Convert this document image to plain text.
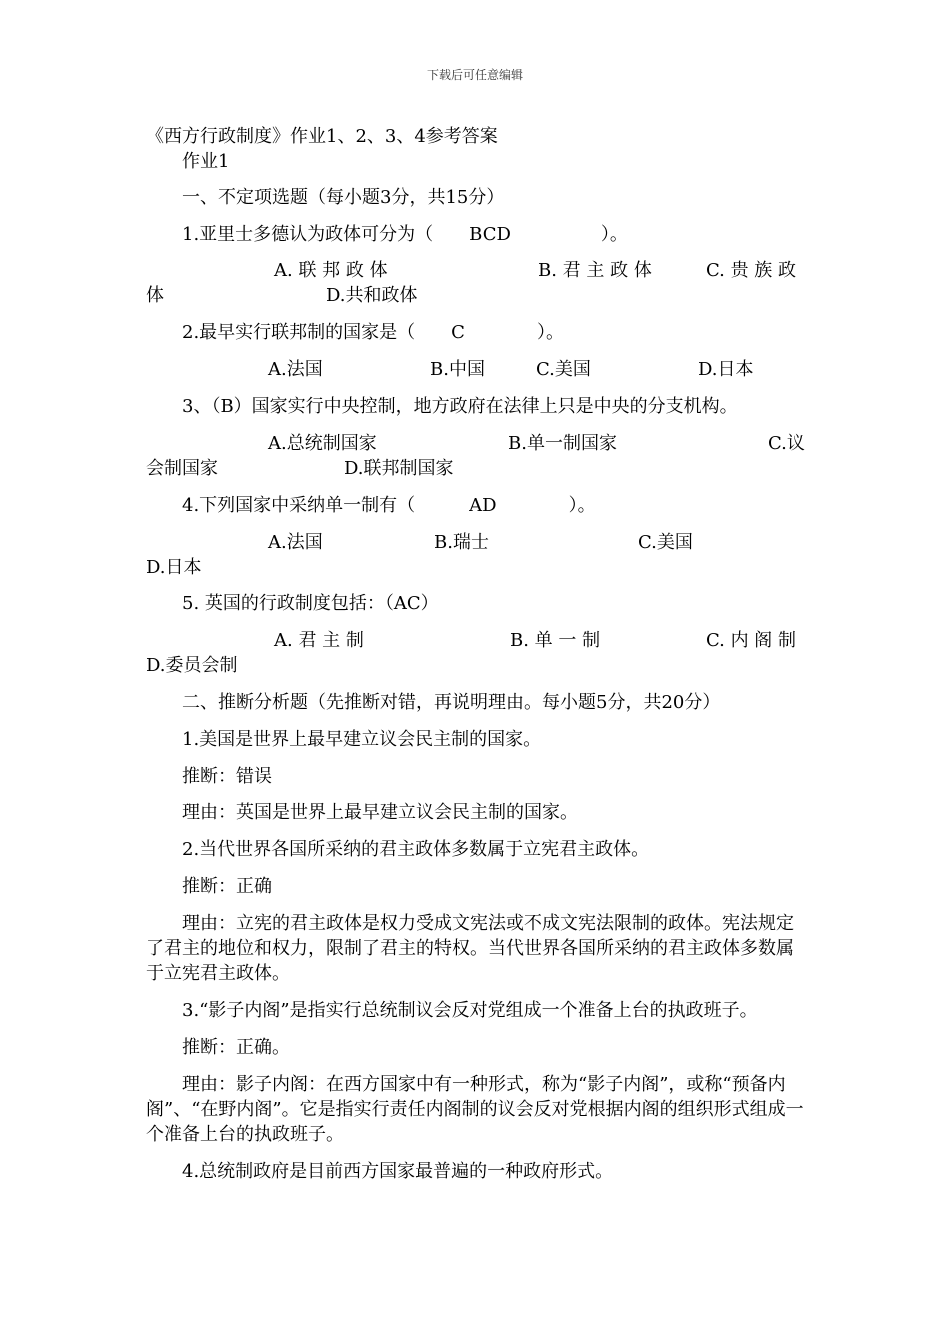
下载后可任意编辑
《西方行政制度》作业1、2、3、4参考答案
作业1
一、不定项选题（每小题3分，共15分）
1.亚里士多德认为政体可分为（　　BCD　　　　　）。
A. 联 邦 政 体	B. 君 主 政 体	C. 贵 族 政
体	D.共和政体
2.最早实行联邦制的国家是（　　C　　　　）。
A.法国	B.中国	C.美国	D.日本
3、（B）国家实行中央控制，地方政府在法律上只是中央的分支机构。
A.总统制国家	B.单一制国家	C.议
会制国家	D.联邦制国家
4.下列国家中采纳单一制有（　　　AD　　　　）。
A.法国	B.瑞士	C.美国
D.日本
5. 英国的行政制度包括：（AC）
A. 君 主 制	B. 单 一 制	C. 内 阁 制
D.委员会制
二、推断分析题（先推断对错，再说明理由。每小题5分，共20分）
1.美国是世界上最早建立议会民主制的国家。
推断：错误
理由：英国是世界上最早建立议会民主制的国家。
2.当代世界各国所采纳的君主政体多数属于立宪君主政体。
推断：正确
理由：立宪的君主政体是权力受成文宪法或不成文宪法限制的政体。宪法规定了君主的地位和权力，限制了君主的特权。当代世界各国所采纳的君主政体多数属于立宪君主政体。
3.“影子内阁”是指实行总统制议会反对党组成一个准备上台的执政班子。
推断：正确。
理由：影子内阁：在西方国家中有一种形式，称为“影子内阁”，或称“预备内阁”、“在野内阁”。它是指实行责任内阁制的议会反对党根据内阁的组织形式组成一个准备上台的执政班子。
4.总统制政府是目前西方国家最普遍的一种政府形式。
